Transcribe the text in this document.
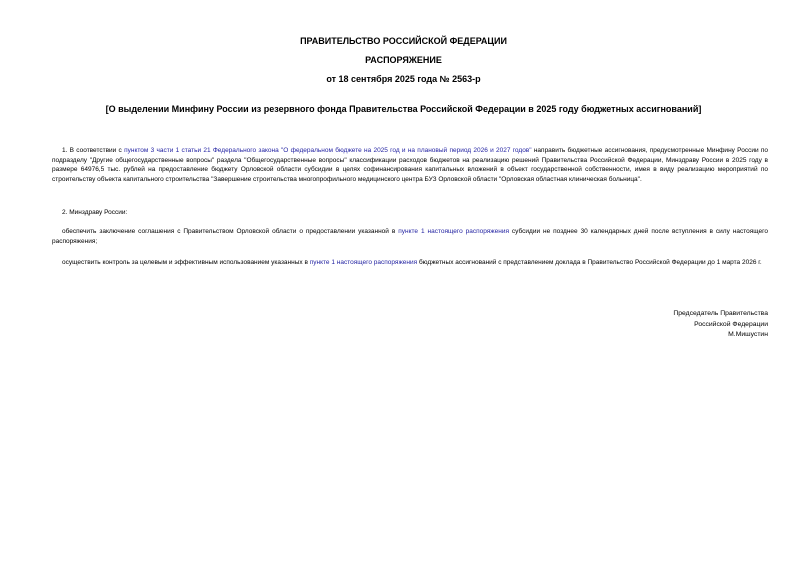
ПРАВИТЕЛЬСТВО РОССИЙСКОЙ ФЕДЕРАЦИИ
РАСПОРЯЖЕНИЕ
от 18 сентября 2025 года № 2563-р
[О выделении Минфину России из резервного фонда Правительства Российской Федерации в 2025 году бюджетных ассигнований]
1. В соответствии с пунктом 3 части 1 статьи 21 Федерального закона "О федеральном бюджете на 2025 год и на плановый период 2026 и 2027 годов" направить бюджетные ассигнования, предусмотренные Минфину России по подразделу "Другие общегосударственные вопросы" раздела "Общегосударственные вопросы" классификации расходов бюджетов на реализацию решений Правительства Российской Федерации, Минздраву России в 2025 году в размере 64976,5 тыс. рублей на предоставление бюджету Орловской области субсидии в целях софинансирования капитальных вложений в объект государственной собственности, имея в виду реализацию мероприятий по строительству объекта капитального строительства "Завершение строительства многопрофильного медицинского центра БУЗ Орловской области "Орловская областная клиническая больница".
2. Минздраву России:
обеспечить заключение соглашения с Правительством Орловской области о предоставлении указанной в пункте 1 настоящего распоряжения субсидии не позднее 30 календарных дней после вступления в силу настоящего распоряжения;
осуществить контроль за целевым и эффективным использованием указанных в пункте 1 настоящего распоряжения бюджетных ассигнований с представлением доклада в Правительство Российской Федерации до 1 марта 2026 г.
Председатель Правительства
Российской Федерации
М.Мишустин
